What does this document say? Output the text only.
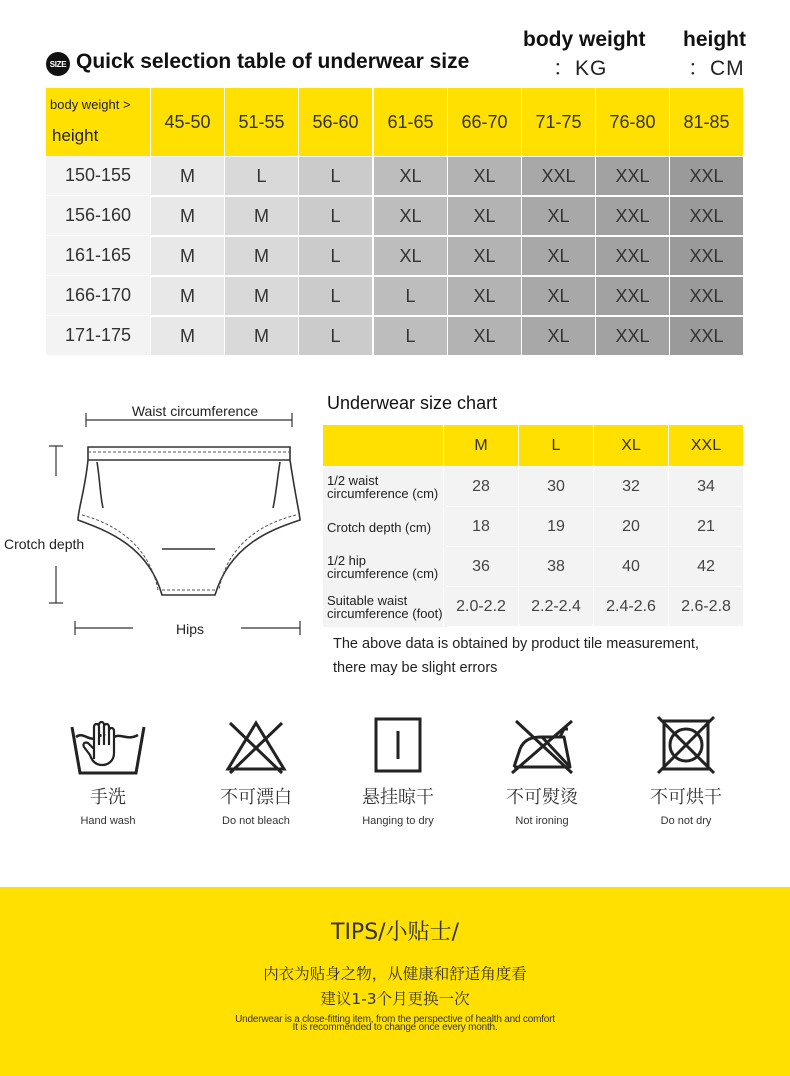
SIZE Quick selection table of underwear size
body weight
：KG
height
：CM
body weight >
height
45-50	51-55	56-60	61-65	66-70	71-75	76-80	81-85
150-155	M	L	L	XL	XL	XXL	XXL	XXL
156-160	M	M	L	XL	XL	XL	XXL	XXL
161-165	M	M	L	XL	XL	XL	XXL	XXL
166-170	M	M	L	L	XL	XL	XXL	XXL
171-175	M	M	L	L	XL	XL	XXL	XXL
Waist circumference
Crotch depth
Hips
Underwear size chart
M	L	XL	XXL
1/2 waist
circumference (cm)	28	30	32	34
Crotch depth (cm)	18	19	20	21
1/2 hip
circumference (cm)	36	38	40	42
Suitable waist
circumference (foot) 2.0-2.2	2.2-2.4	2.4-2.6	2.6-2.8
The above data is obtained by product tile measurement,
there may be slight errors
手洗
Hand wash
不可漂白
Do not bleach
悬挂晾干
Hanging to dry
不可熨烫
Not ironing
不可烘干
Do not dry
TIPS/小贴士/
内衣为贴身之物，从健康和舒适角度看
建议1-3个月更换一次
Underwear is a close-fitting item, from the perspective of health and comfort
It is recommended to change once every month.
